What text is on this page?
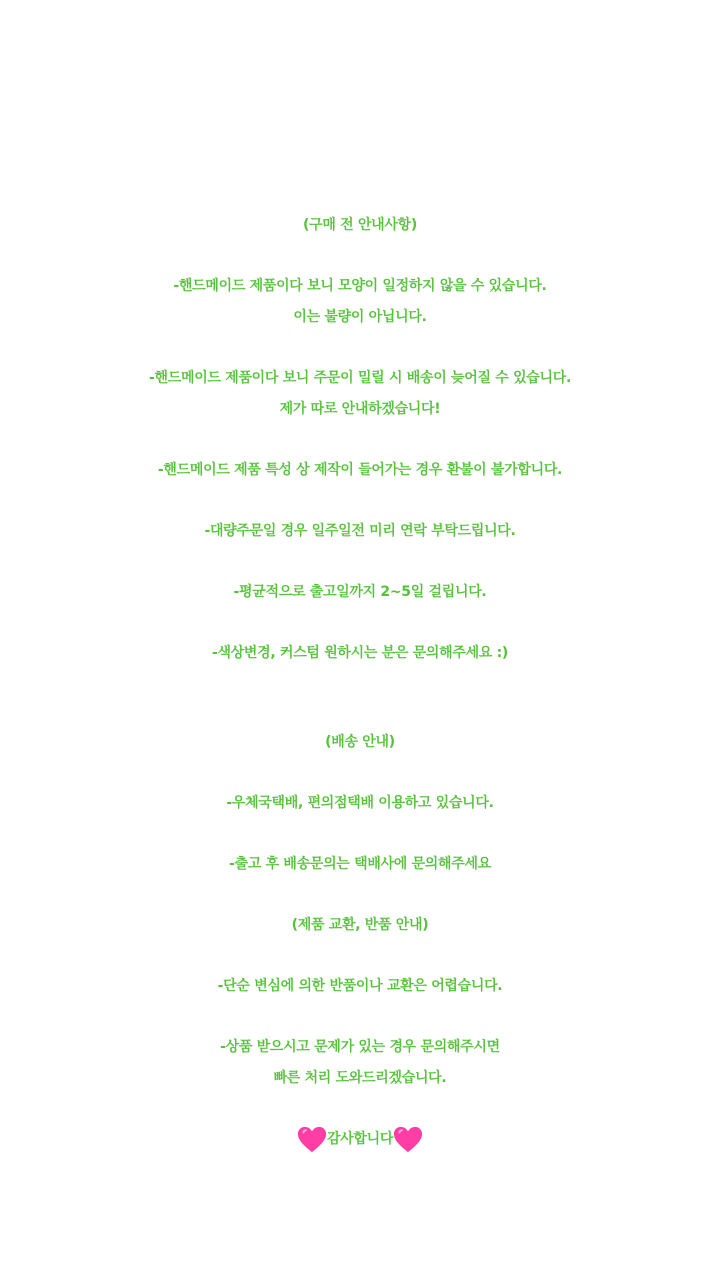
(구매 전 안내사항)
-핸드메이드 제품이다 보니 모양이 일정하지 않을 수 있습니다.
이는 불량이 아닙니다.
-핸드메이드 제품이다 보니 주문이 밀릴 시 배송이 늦어질 수 있습니다.
제가 따로 안내하겠습니다!
-핸드메이드 제품 특성 상 제작이 들어가는 경우 환불이 불가합니다.
-대량주문일 경우 일주일전 미리 연락 부탁드립니다.
-평균적으로 출고일까지 2~5일 걸립니다.
-색상변경, 커스텀 원하시는 분은 문의해주세요 :)
(배송 안내)
-우체국택배, 편의점택배 이용하고 있습니다.
-출고 후 배송문의는 택배사에 문의해주세요
(제품 교환, 반품 안내)
-단순 변심에 의한 반품이나 교환은 어렵습니다.
-상품 받으시고 문제가 있는 경우 문의해주시면
빠른 처리 도와드리겠습니다.
감사합니다
